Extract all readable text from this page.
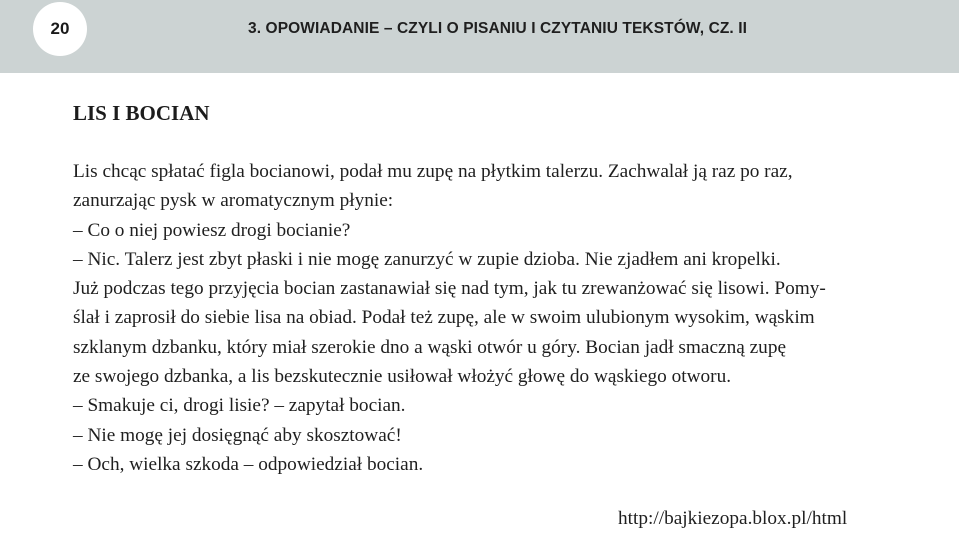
20	3. OPOWIADANIE – CZYLI O PISANIU I CZYTANIU TEKSTÓW, CZ. II
LIS I BOCIAN
Lis chcąc spłatać figla bocianowi, podał mu zupę na płytkim talerzu. Zachwalał ją raz po raz,
zanurzając pysk w aromatycznym płynie:
– Co o niej powiesz drogi bocianie?
– Nic. Talerz jest zbyt płaski i nie mogę zanurzyć w zupie dzioba. Nie zjadłem ani kropelki.
Już podczas tego przyjęcia bocian zastanawiał się nad tym, jak tu zrewanżować się lisowi. Pomy-
ślał i zaprosił do siebie lisa na obiad. Podał też zupę, ale w swoim ulubionym wysokim, wąskim
szklanym dzbanku, który miał szerokie dno a wąski otwór u góry. Bocian jadł smaczną zupę
ze swojego dzbanka, a lis bezskutecznie usiłował włożyć głowę do wąskiego otworu.
– Smakuje ci, drogi lisie? – zapytał bocian.
– Nie mogę jej dosięgnąć aby skosztować!
– Och, wielka szkoda – odpowiedział bocian.
http://bajkiezopa.blox.pl/html
